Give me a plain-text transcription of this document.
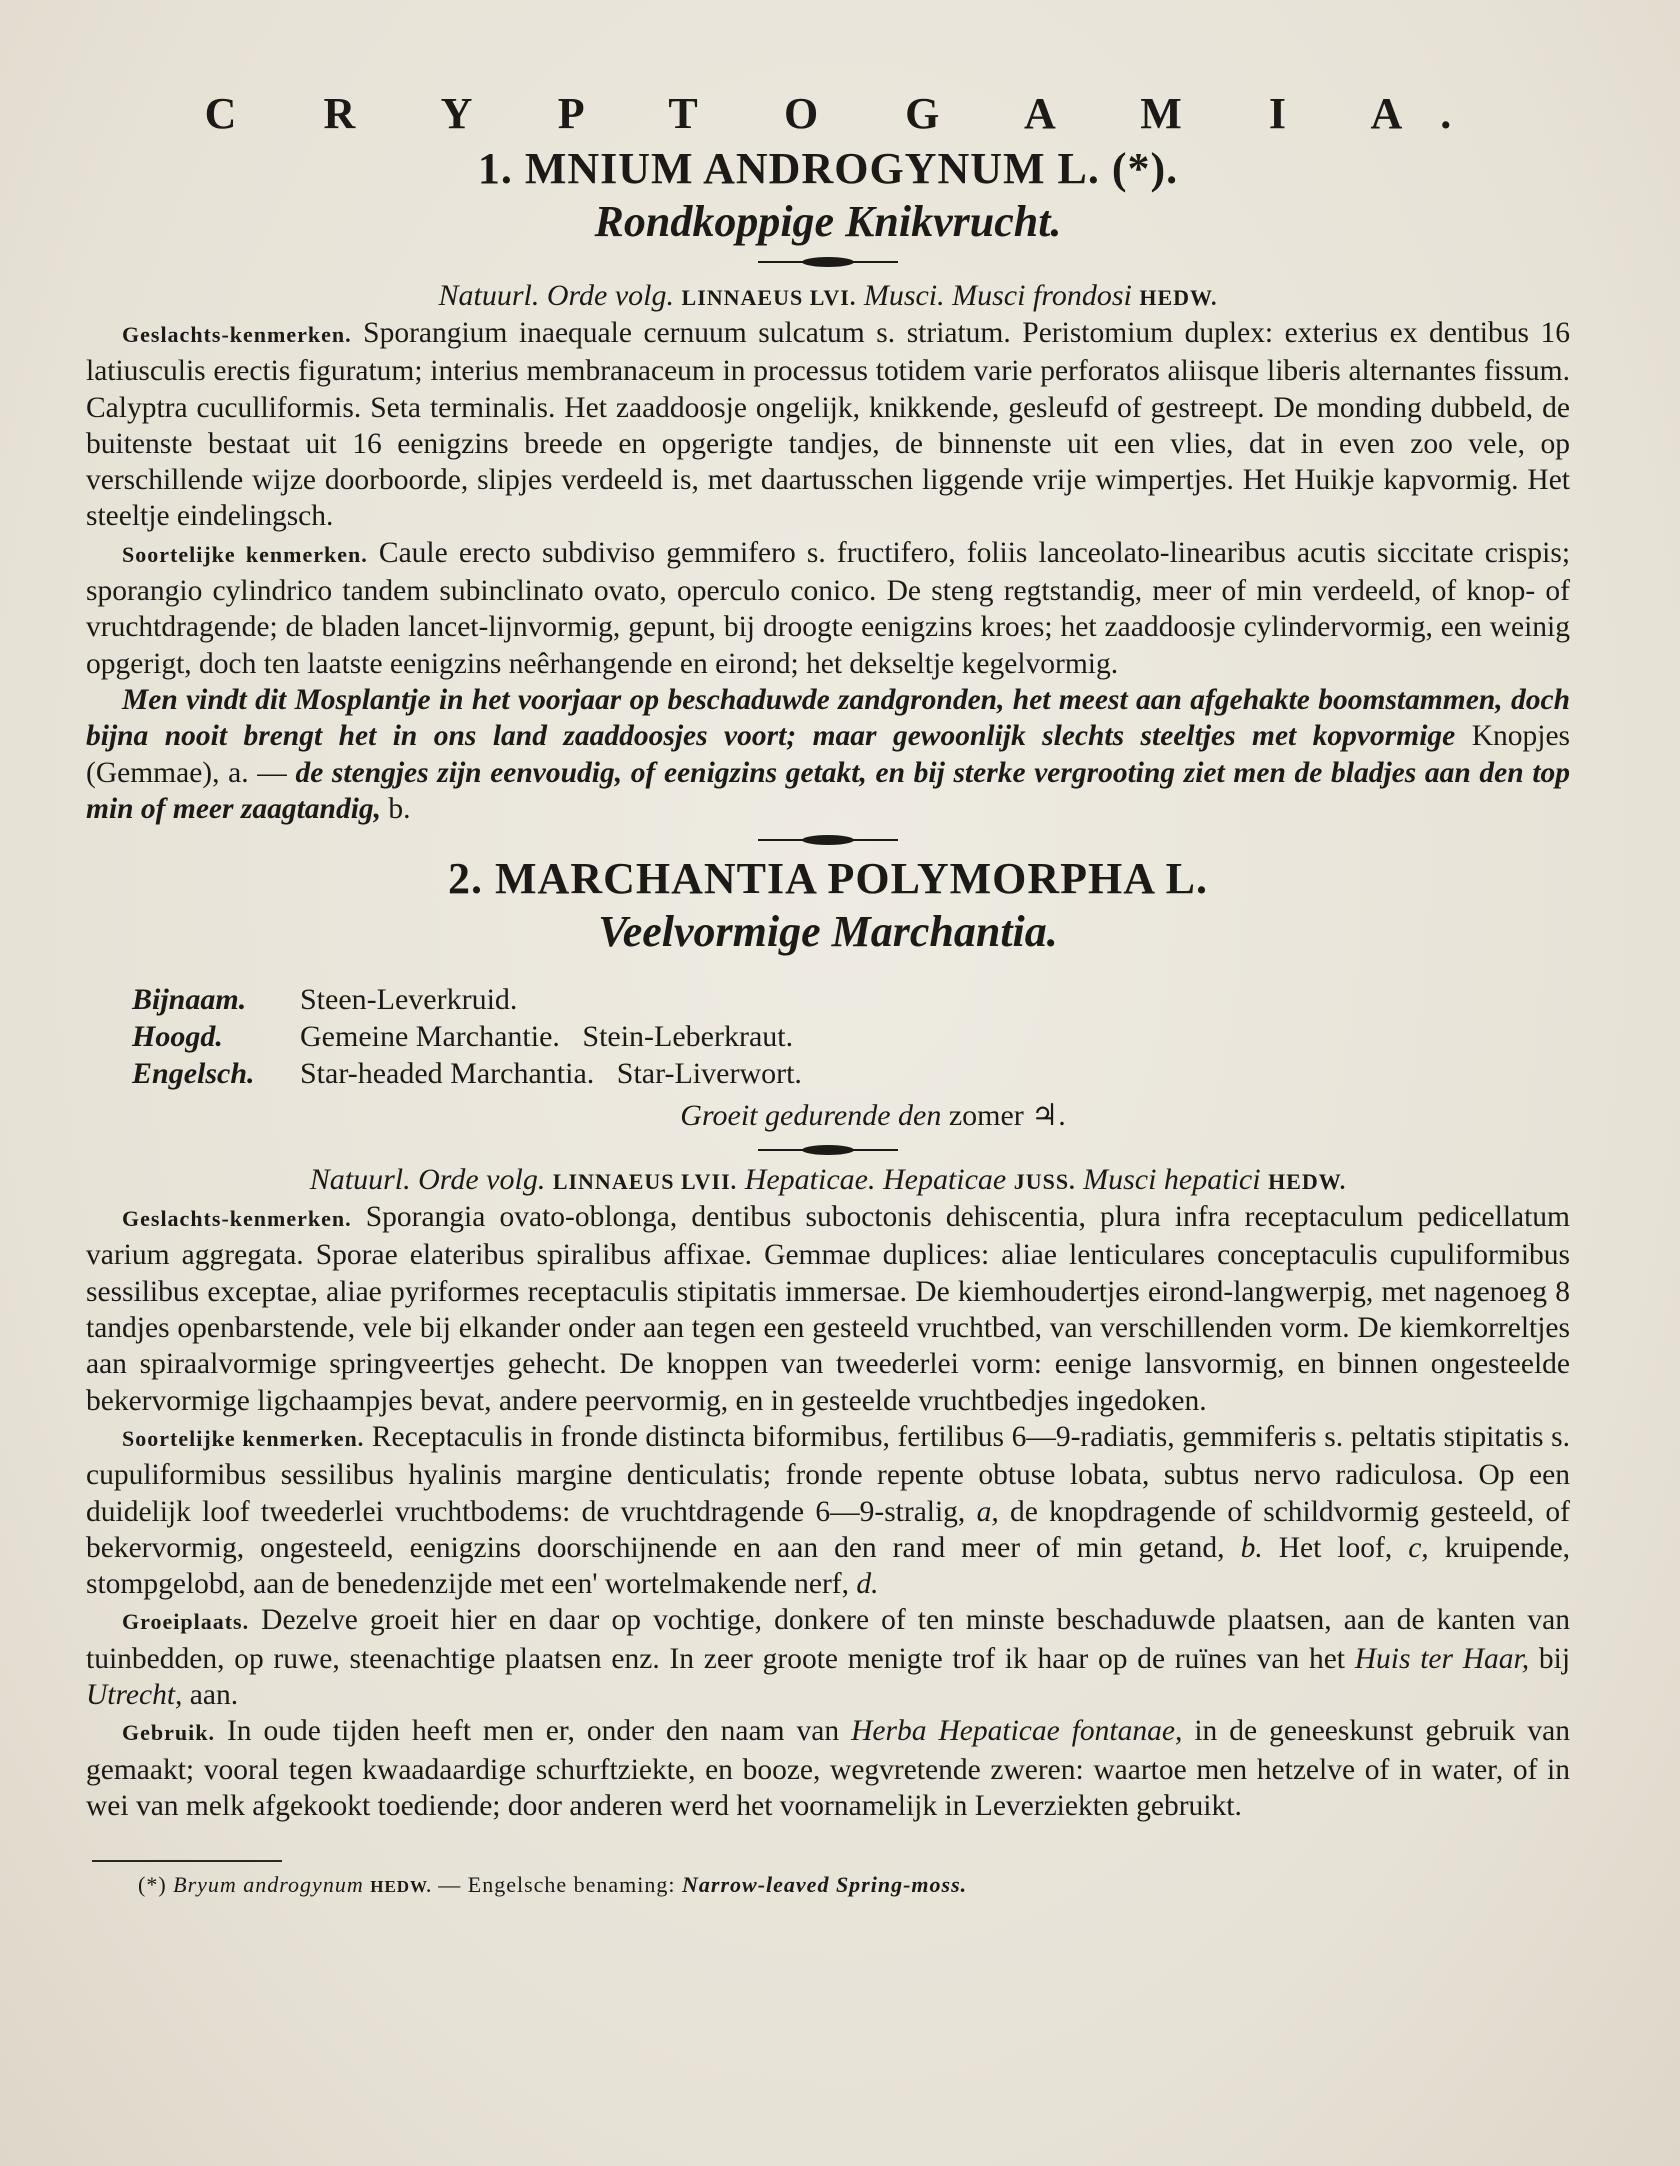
C R Y P T O G A M I A.
1. MNIUM ANDROGYNUM L. (*).
Rondkoppige Knikvrucht.

Natuurl. Orde volg. LINNAEUS LVI. Musci. Musci frondosi HEDW.

Geslachts-kenmerken. Sporangium inaequale cernuum sulcatum s. striatum. Peristomium duplex: exterius ex dentibus 16 latiusculis erectis figuratum; interius membranaceum in processus totidem varie perforatos aliisque liberis alternantes fissum. Calyptra cuculliformis. Seta terminalis. Het zaaddoosje ongelijk, knikkende, gesleufd of gestreept. De monding dubbeld, de buitenste bestaat uit 16 eenigzins breede en opgerigte tandjes, de binnenste uit een vlies, dat in even zoo vele, op verschillende wijze doorboorde, slipjes verdeeld is, met daartusschen liggende vrije wimpertjes. Het Huikje kapvormig. Het steeltje eindelingsch.

Soortelijke kenmerken. Caule erecto subdiviso gemmifero s. fructifero, foliis lanceolato-linearibus acutis siccitate crispis; sporangio cylindrico tandem subinclinato ovato, operculo conico. De steng regtstandig, meer of min verdeeld, of knop- of vruchtdragende; de bladen lancet-lijnvormig, gepunt, bij droogte eenigzins kroes; het zaaddoosje cylindervormig, een weinig opgerigt, doch ten laatste eenigzins neêrhangende en eirond; het dekseltje kegelvormig.

Men vindt dit Mosplantje in het voorjaar op beschaduwde zandgronden, het meest aan afgehakte boomstammen, doch bijna nooit brengt het in ons land zaaddoosjes voort; maar gewoonlijk slechts steeltjes met kopvormige Knopjes (Gemmae), a. — de stengjes zijn eenvoudig, of eenigzins getakt, en bij sterke vergrooting ziet men de bladjes aan den top min of meer zaagtandig, b.

2. MARCHANTIA POLYMORPHA L.
Veelvormige Marchantia.
Bijnaam.	Steen-Leverkruid.
Hoogd.	Gemeine Marchantie.   Stein-Leberkraut.
Engelsch.	Star-headed Marchantia.   Star-Liverwort.

Groeit gedurende den zomer ♃.

Natuurl. Orde volg. LINNAEUS LVII. Hepaticae. Hepaticae JUSS. Musci hepatici HEDW.

Geslachts-kenmerken. Sporangia ovato-oblonga, dentibus suboctonis dehiscentia, plura infra receptaculum pedicellatum varium aggregata. Sporae elateribus spiralibus affixae. Gemmae duplices: aliae lenticulares conceptaculis cupuliformibus sessilibus exceptae, aliae pyriformes receptaculis stipitatis immersae. De kiemhoudertjes eirond-langwerpig, met nagenoeg 8 tandjes openbarstende, vele bij elkander onder aan tegen een gesteeld vruchtbed, van verschillenden vorm. De kiemkorreltjes aan spiraalvormige springveertjes gehecht. De knoppen van tweederlei vorm: eenige lansvormig, en binnen ongesteelde bekervormige ligchaampjes bevat, andere peervormig, en in gesteelde vruchtbedjes ingedoken.

Soortelijke kenmerken. Receptaculis in fronde distincta biformibus, fertilibus 6—9-radiatis, gemmiferis s. peltatis stipitatis s. cupuliformibus sessilibus hyalinis margine denticulatis; fronde repente obtuse lobata, subtus nervo radiculosa. Op een duidelijk loof tweederlei vruchtbodems: de vruchtdragende 6—9-stralig, a, de knopdragende of schildvormig gesteeld, of bekervormig, ongesteeld, eenigzins doorschijnende en aan den rand meer of min getand, b. Het loof, c, kruipende, stompgelobd, aan de benedenzijde met een' wortelmakende nerf, d.

Groeiplaats. Dezelve groeit hier en daar op vochtige, donkere of ten minste beschaduwde plaatsen, aan de kanten van tuinbedden, op ruwe, steenachtige plaatsen enz. In zeer groote menigte trof ik haar op de ruïnes van het Huis ter Haar, bij Utrecht, aan.

Gebruik. In oude tijden heeft men er, onder den naam van Herba Hepaticae fontanae, in de geneeskunst gebruik van gemaakt; vooral tegen kwaadaardige schurftziekte, en booze, wegvretende zweren: waartoe men hetzelve of in water, of in wei van melk afgekookt toediende; door anderen werd het voornamelijk in Leverziekten gebruikt.

(*) Bryum androgynum HEDW. — Engelsche benaming: Narrow-leaved Spring-moss.
